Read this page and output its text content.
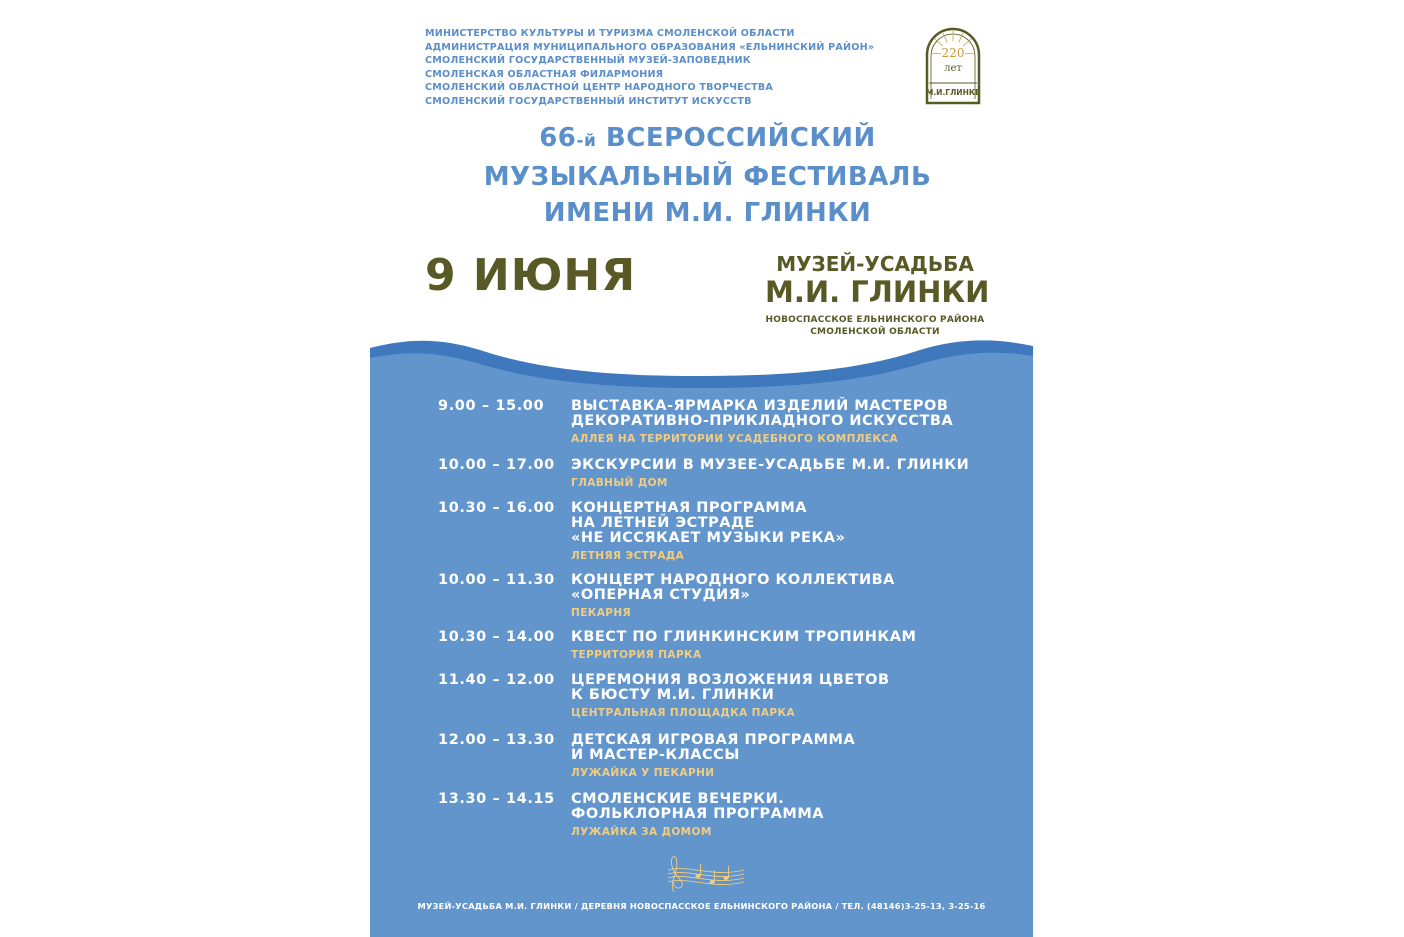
МИНИСТЕРСТВО КУЛЬТУРЫ И ТУРИЗМА СМОЛЕНСКОЙ ОБЛАСТИ
АДМИНИСТРАЦИЯ МУНИЦИПАЛЬНОГО ОБРАЗОВАНИЯ «ЕЛЬНИНСКИЙ РАЙОН»
СМОЛЕНСКИЙ ГОСУДАРСТВЕННЫЙ МУЗЕЙ-ЗАПОВЕДНИК
СМОЛЕНСКАЯ ОБЛАСТНАЯ ФИЛАРМОНИЯ
СМОЛЕНСКИЙ ОБЛАСТНОЙ ЦЕНТР НАРОДНОГО ТВОРЧЕСТВА
СМОЛЕНСКИЙ ГОСУДАРСТВЕННЫЙ ИНСТИТУТ ИСКУССТВ
220
лет
М.И.ГЛИНКЕ
66-й ВСЕРОССИЙСКИЙ
МУЗЫКАЛЬНЫЙ ФЕСТИВАЛЬ
ИМЕНИ М.И. ГЛИНКИ
9 ИЮНЯ	МУЗЕЙ-УСАДЬБА
М.И. ГЛИНКИ
НОВОСПАССКОЕ ЕЛЬНИНСКОГО РАЙОНА
СМОЛЕНСКОЙ ОБЛАСТИ
9.00 – 15.00 ВЫСТАВКА-ЯРМАРКА ИЗДЕЛИЙ МАСТЕРОВ
ДЕКОРАТИВНО-ПРИКЛАДНОГО ИСКУССТВА
АЛЛЕЯ НА ТЕРРИТОРИИ УСАДЕБНОГО КОМПЛЕКСА
10.00 – 17.00 ЭКСКУРСИИ В МУЗЕЕ-УСАДЬБЕ М.И. ГЛИНКИ
ГЛАВНЫЙ ДОМ
10.30 – 16.00 КОНЦЕРТНАЯ ПРОГРАММА
НА ЛЕТНЕЙ ЭСТРАДЕ
«НЕ ИССЯКАЕТ МУЗЫКИ РЕКА»
ЛЕТНЯЯ ЭСТРАДА
10.00 – 11.30 КОНЦЕРТ НАРОДНОГО КОЛЛЕКТИВА
«ОПЕРНАЯ СТУДИЯ»
ПЕКАРНЯ
10.30 – 14.00 КВЕСТ ПО ГЛИНКИНСКИМ ТРОПИНКАМ
ТЕРРИТОРИЯ ПАРКА
11.40 – 12.00 ЦЕРЕМОНИЯ ВОЗЛОЖЕНИЯ ЦВЕТОВ
К БЮСТУ М.И. ГЛИНКИ
ЦЕНТРАЛЬНАЯ ПЛОЩАДКА ПАРКА
12.00 – 13.30 ДЕТСКАЯ ИГРОВАЯ ПРОГРАММА
И МАСТЕР-КЛАССЫ
ЛУЖАЙКА У ПЕКАРНИ
13.30 – 14.15 СМОЛЕНСКИЕ ВЕЧЕРКИ.
ФОЛЬКЛОРНАЯ ПРОГРАММА
ЛУЖАЙКА ЗА ДОМОМ
МУЗЕЙ-УСАДЬБА М.И. ГЛИНКИ / ДЕРЕВНЯ НОВОСПАССКОЕ ЕЛЬНИНСКОГО РАЙОНА / ТЕЛ. (48146)3-25-13, 3-25-16
